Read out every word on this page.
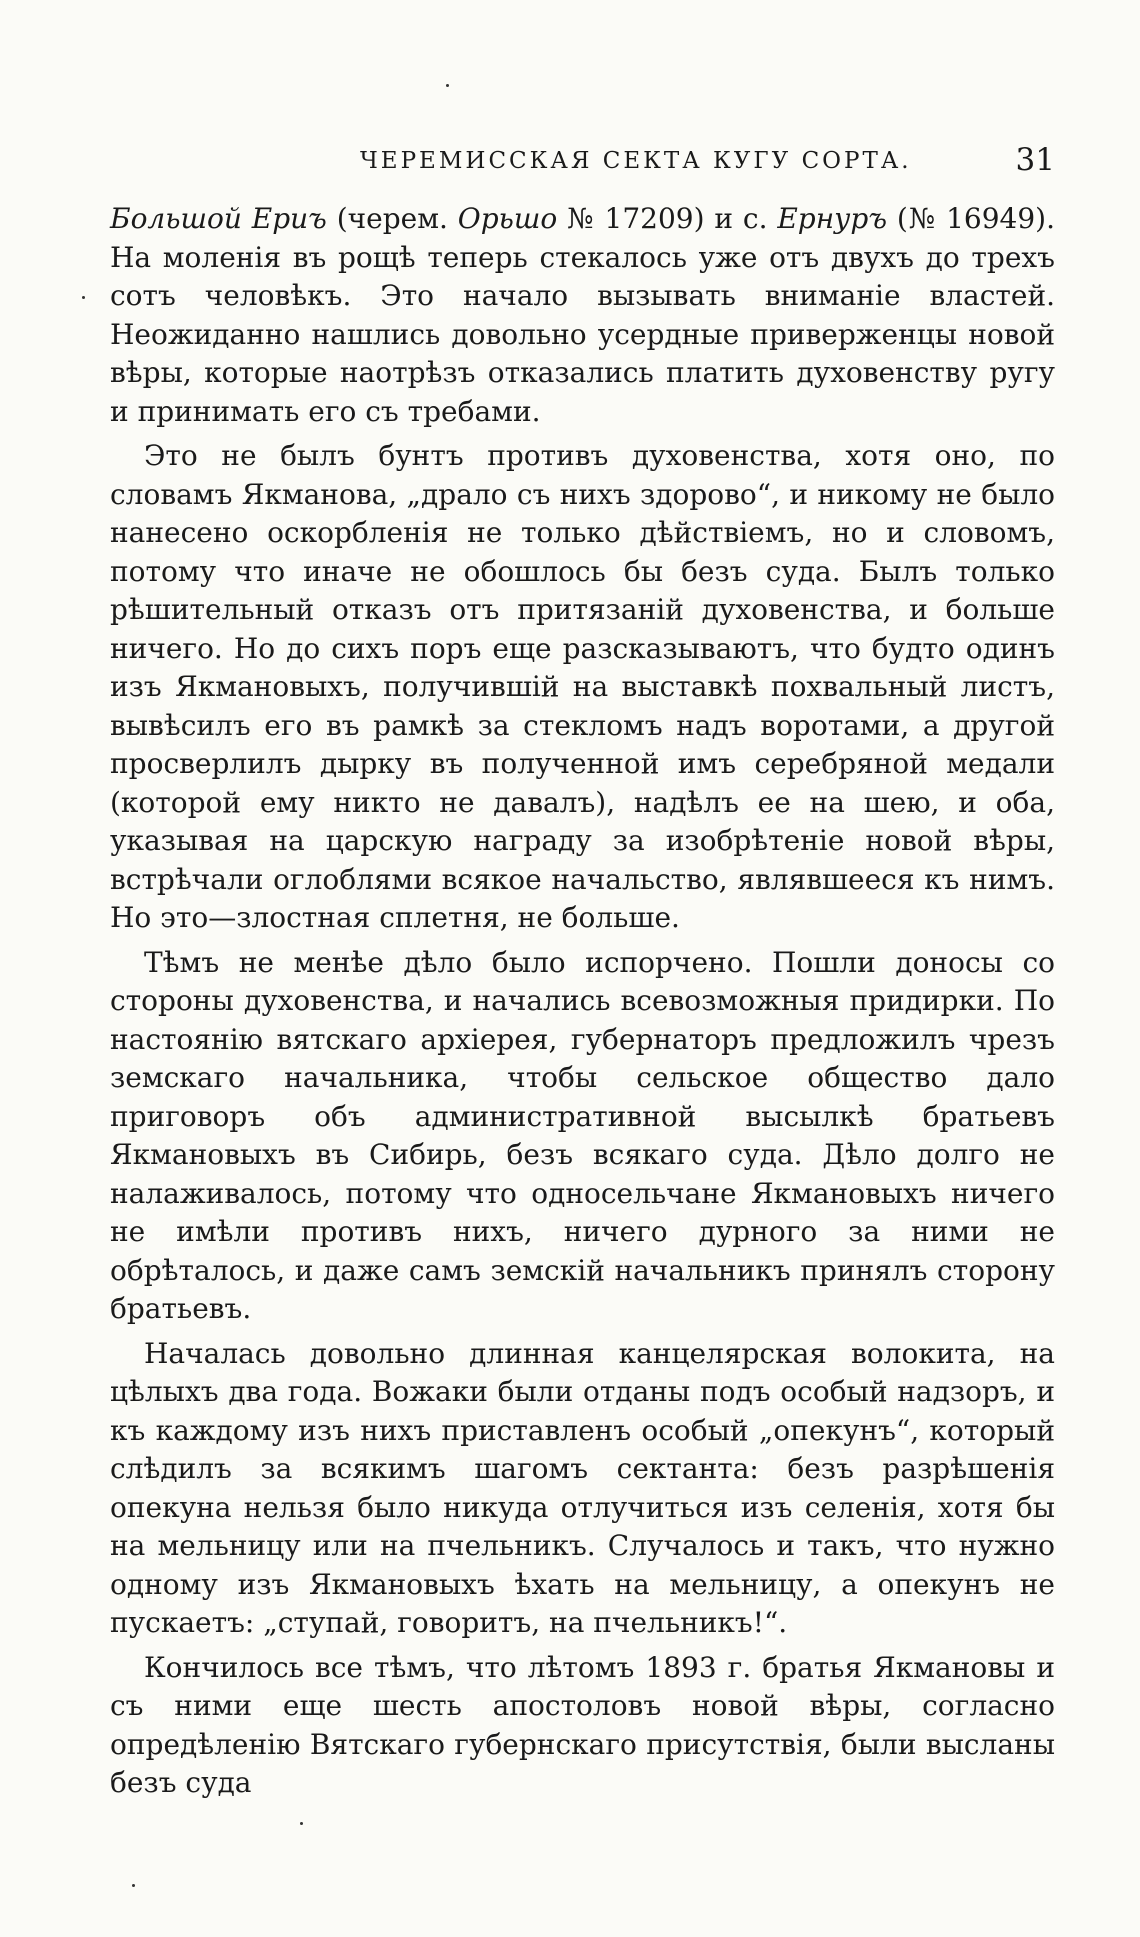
ЧЕРЕМИССКАЯ СЕКТА КУГУ СОРТА.	31

Большой Ериъ (черем. Орьшо № 17209) и с. Ернуръ (№ 16949). На моленія въ рощѣ теперь стекалось уже отъ двухъ до трехъ сотъ человѣкъ. Это начало вызывать вниманіе властей. Неожиданно нашлись довольно усердные приверженцы новой вѣры, которые наотрѣзъ отказались платить духовенству ругу и принимать его съ требами.

Это не былъ бунтъ противъ духовенства, хотя оно, по словамъ Якманова, „драло съ нихъ здорово“, и никому не было нанесено оскорбленія не только дѣйствіемъ, но и словомъ, потому что иначе не обошлось бы безъ суда. Былъ только рѣшительный отказъ отъ притязаній духовенства, и больше ничего. Но до сихъ поръ еще разсказываютъ, что будто одинъ изъ Якмановыхъ, получившій на выставкѣ похвальный листъ, вывѣсилъ его въ рамкѣ за стекломъ надъ воротами, а другой просверлилъ дырку въ полученной имъ серебряной медали (которой ему никто не давалъ), надѣлъ ее на шею, и оба, указывая на царскую награду за изобрѣтеніе новой вѣры, встрѣчали оглоблями всякое начальство, являвшееся къ нимъ. Но это—злостная сплетня, не больше.

Тѣмъ не менѣе дѣло было испорчено. Пошли доносы со стороны духовенства, и начались всевозможныя придирки. По настоянію вятскаго архіерея, губернаторъ предложилъ чрезъ земскаго начальника, чтобы сельское общество дало приговоръ объ административной высылкѣ братьевъ Якмановыхъ въ Сибирь, безъ всякаго суда. Дѣло долго не налаживалось, потому что односельчане Якмановыхъ ничего не имѣли противъ нихъ, ничего дурного за ними не обрѣталось, и даже самъ земскій начальникъ принялъ сторону братьевъ.

Началась довольно длинная канцелярская волокита, на цѣлыхъ два года. Вожаки были отданы подъ особый надзоръ, и къ каждому изъ нихъ приставленъ особый „опекунъ“, который слѣдилъ за всякимъ шагомъ сектанта: безъ разрѣшенія опекуна нельзя было никуда отлучиться изъ селенія, хотя бы на мельницу или на пчельникъ. Случалось и такъ, что нужно одному изъ Якмановыхъ ѣхать на мельницу, а опекунъ не пускаетъ: „ступай, говоритъ, на пчельникъ!“.

Кончилось все тѣмъ, что лѣтомъ 1893 г. братья Якмановы и съ ними еще шесть апостоловъ новой вѣры, согласно опредѣленію Вятскаго губернскаго присутствія, были высланы безъ суда
